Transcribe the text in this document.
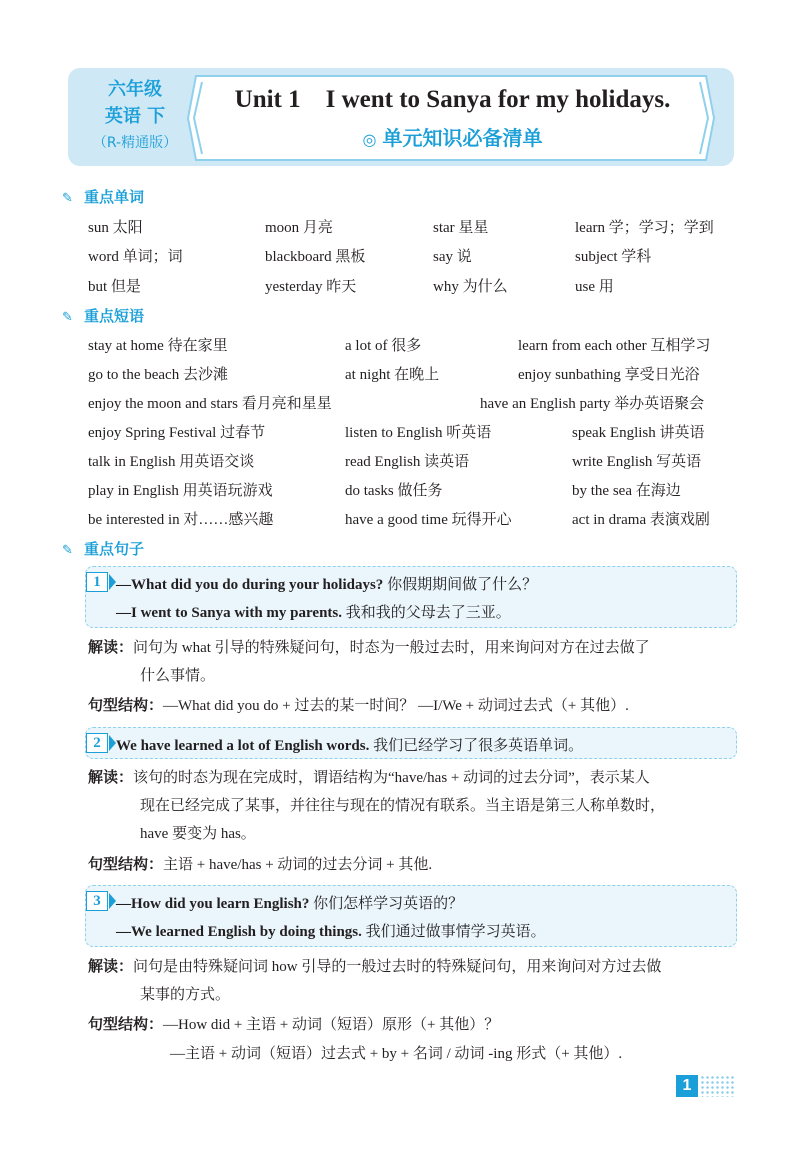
六年级
英语 下
（R-精通版）
Unit 1    I went to Sanya for my holidays.
◎ 单元知识必备清单
✎ 重点单词
sun 太阳	moon 月亮	star 星星	learn 学；学习；学到
word 单词；词	blackboard 黑板	say 说	subject 学科
but 但是	yesterday 昨天	why 为什么	use 用
✎ 重点短语
stay at home 待在家里	a lot of 很多	learn from each other 互相学习
go to the beach 去沙滩	at night 在晚上	enjoy sunbathing 享受日光浴
enjoy the moon and stars 看月亮和星星	have an English party 举办英语聚会
enjoy Spring Festival 过春节	listen to English 听英语	speak English 讲英语
talk in English 用英语交谈	read English 读英语	write English 写英语
play in English 用英语玩游戏	do tasks 做任务	by the sea 在海边
be interested in 对……感兴趣	have a good time 玩得开心	act in drama 表演戏剧
✎ 重点句子
1	—What did you do during your holidays? 你假期期间做了什么？
—I went to Sanya with my parents. 我和我的父母去了三亚。
解读：问句为 what 引导的特殊疑问句，时态为一般过去时，用来询问对方在过去做了
什么事情。
句型结构：—What did you do + 过去的某一时间？ —I/We + 动词过去式（+ 其他）.
2	We have learned a lot of English words. 我们已经学习了很多英语单词。
解读：该句的时态为现在完成时，谓语结构为“have/has + 动词的过去分词”，表示某人
现在已经完成了某事，并往往与现在的情况有联系。当主语是第三人称单数时，
have 要变为 has。
句型结构：主语 + have/has + 动词的过去分词 + 其他.
3	—How did you learn English? 你们怎样学习英语的？
—We learned English by doing things. 我们通过做事情学习英语。
解读：问句是由特殊疑问词 how 引导的一般过去时的特殊疑问句，用来询问对方过去做
某事的方式。
句型结构：—How did + 主语 + 动词（短语）原形（+ 其他）？
—主语 + 动词（短语）过去式 + by + 名词 / 动词 -ing 形式（+ 其他）.
1
